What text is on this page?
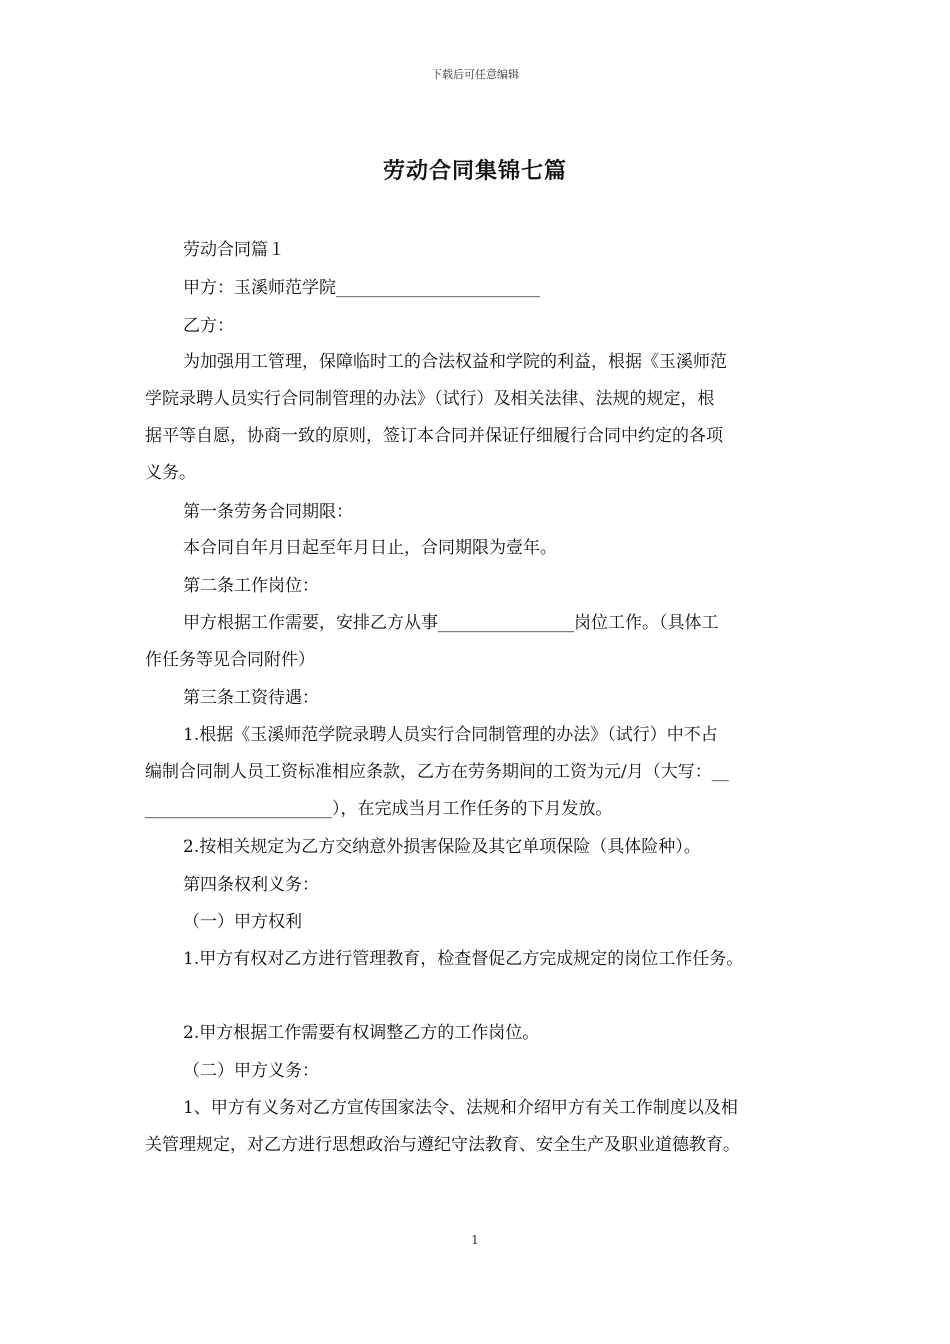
下载后可任意编辑
劳动合同集锦七篇
劳动合同篇１
甲方：玉溪师范学院________________________
乙方：
为加强用工管理，保障临时工的合法权益和学院的利益，根据《玉溪师范
学院录聘人员实行合同制管理的办法》（试行）及相关法律、法规的规定，根
据平等自愿，协商一致的原则，签订本合同并保证仔细履行合同中约定的各项
义务。
第一条劳务合同期限：
本合同自年月日起至年月日止，合同期限为壹年。
第二条工作岗位：
甲方根据工作需要，安排乙方从事________________岗位工作。（具体工
作任务等见合同附件）
第三条工资待遇：
1.根据《玉溪师范学院录聘人员实行合同制管理的办法》（试行）中不占
编制合同制人员工资标准相应条款，乙方在劳务期间的工资为元/月（大写：__
______________________），在完成当月工作任务的下月发放。
2.按相关规定为乙方交纳意外损害保险及其它单项保险（具体险种）。
第四条权利义务：
（一）甲方权利
1.甲方有权对乙方进行管理教育，检查督促乙方完成规定的岗位工作任务。
2.甲方根据工作需要有权调整乙方的工作岗位。
（二）甲方义务：
1、甲方有义务对乙方宣传国家法令、法规和介绍甲方有关工作制度以及相
关管理规定，对乙方进行思想政治与遵纪守法教育、安全生产及职业道德教育。
1
